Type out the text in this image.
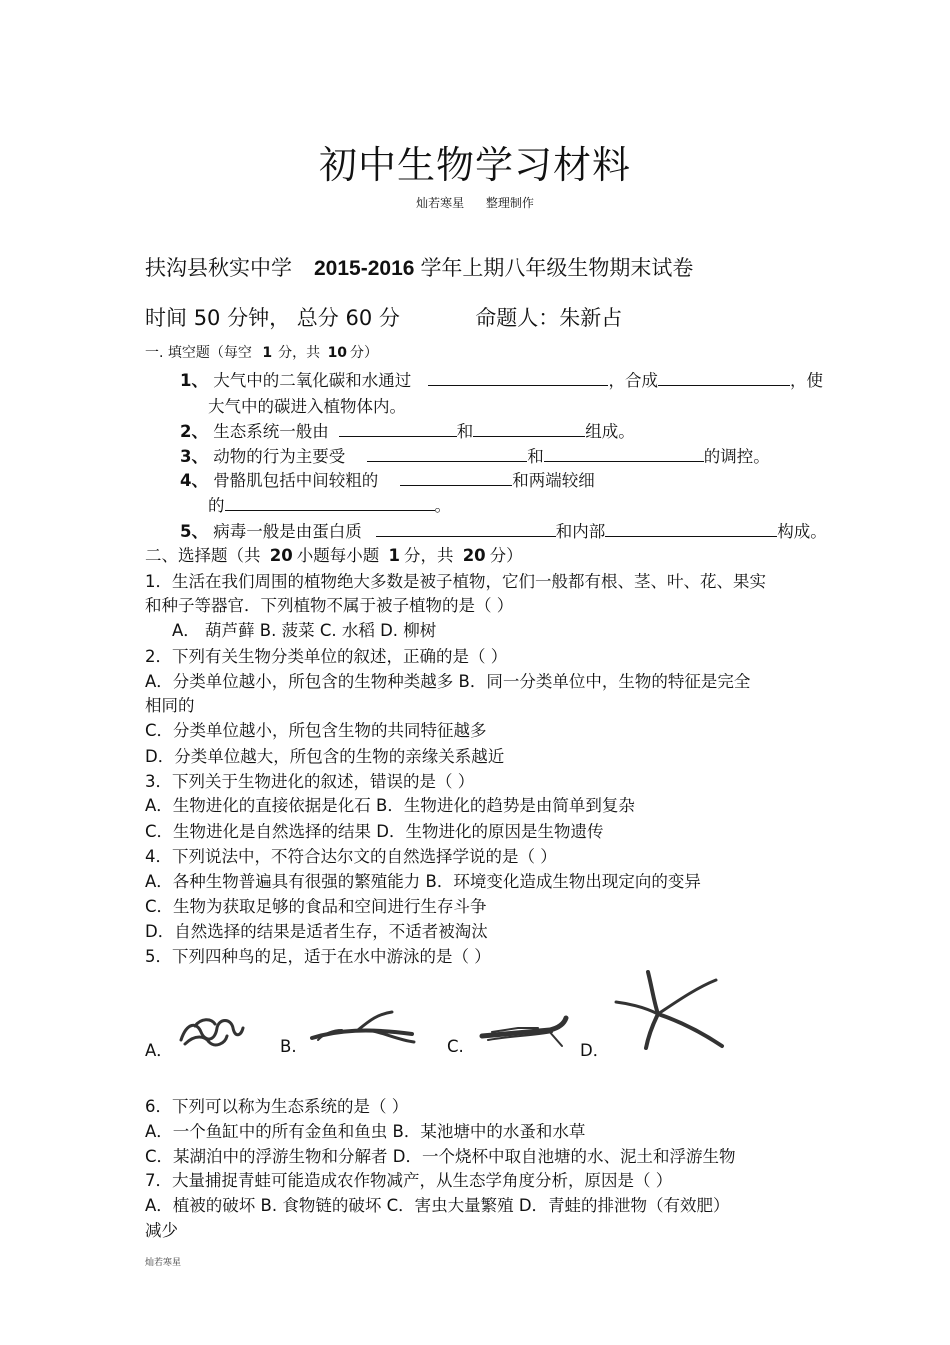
初中生物学习材料
灿若寒星 整理制作
扶沟县秋实中学 2015-2016 学年上期八年级生物期末试卷
时间 50 分钟， 总分 60 分	命题人：朱新占
一. 填空题（每空 1 分，共 10 分）
1、 大气中的二氧化碳和水通过	，合成	，使
大气中的碳进入植物体内。
2、 生态系统一般由	和	组成。
3、 动物的行为主要受	和	的调控。
4、 骨骼肌包括中间较粗的	和两端较细
的	。
5、 病毒一般是由蛋白质	和内部	构成。
二、选择题（共 20 小题每小题 1 分，共 20 分）
1．生活在我们周围的植物绝大多数是被子植物，它们一般都有根、茎、叶、花、果实
和种子等器官．下列植物不属于被子植物的是（ ）
A． 葫芦藓 B. 菠菜 C. 水稻 D. 柳树
2．下列有关生物分类单位的叙述，正确的是（ ）
A．分类单位越小，所包含的生物种类越多 B．同一分类单位中，生物的特征是完全
相同的
C．分类单位越小，所包含生物的共同特征越多
D．分类单位越大，所包含的生物的亲缘关系越近
3．下列关于生物进化的叙述，错误的是（ ）
A．生物进化的直接依据是化石 B．生物进化的趋势是由简单到复杂
C．生物进化是自然选择的结果 D．生物进化的原因是生物遗传
4．下列说法中，不符合达尔文的自然选择学说的是（ ）
A．各种生物普遍具有很强的繁殖能力 B．环境变化造成生物出现定向的变异
C．生物为获取足够的食品和空间进行生存斗争
D．自然选择的结果是适者生存，不适者被淘汰
5．下列四种鸟的足，适于在水中游泳的是（ ）
A．	B.	C.	D．
6．下列可以称为生态系统的是（ ）
A．一个鱼缸中的所有金鱼和鱼虫 B．某池塘中的水蚤和水草
C．某湖泊中的浮游生物和分解者 D．一个烧杯中取自池塘的水、泥土和浮游生物
7．大量捕捉青蛙可能造成农作物减产，从生态学角度分析，原因是（ ）
A．植被的破坏 B. 食物链的破坏 C．害虫大量繁殖 D．青蛙的排泄物（有效肥）
减少
灿若寒星
